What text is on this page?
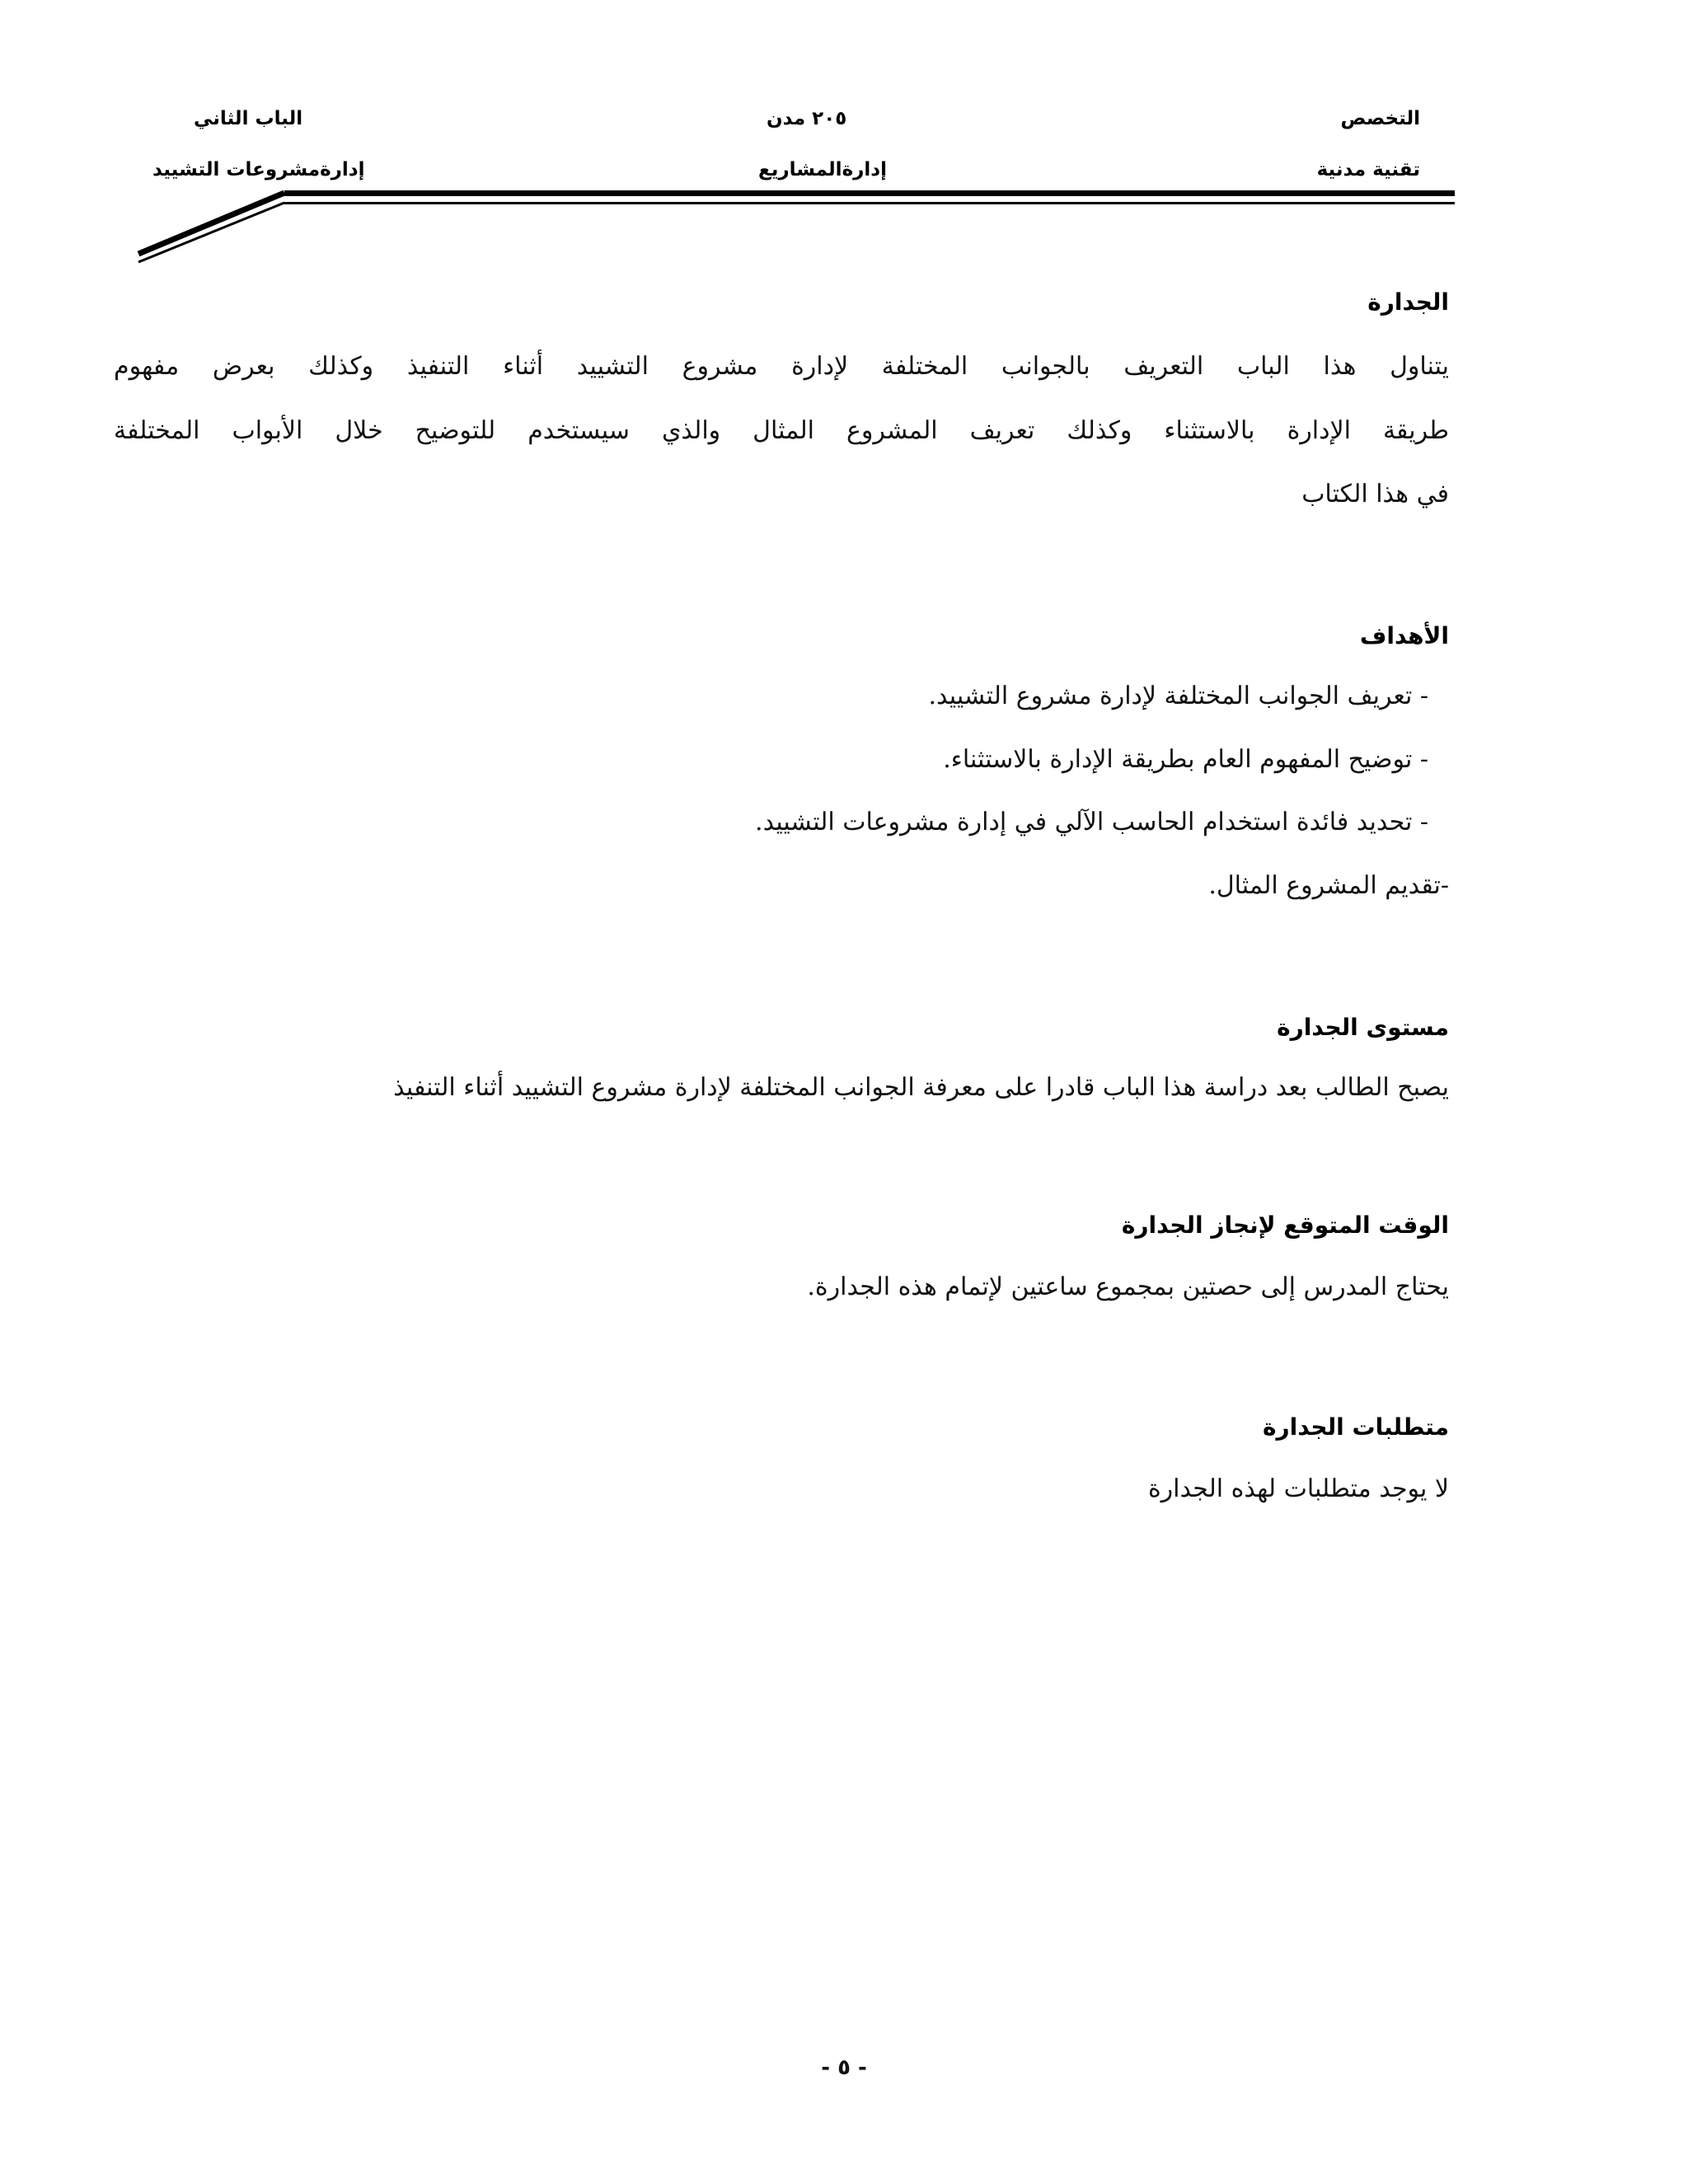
التخصص
تقنية مدنية
٢٠٥ مدن
إدارةالمشاريع
الباب الثاني
إدارةمشروعات التشييد
الجدارة
يتناول هذا الباب التعريف بالجوانب المختلفة لإدارة مشروع التشييد أثناء التنفيذ وكذلك بعرض مفهوم
طريقة الإدارة بالاستثناء وكذلك تعريف المشروع المثال والذي سيستخدم للتوضيح خلال الأبواب المختلفة
في هذا الكتاب
الأهداف
- تعريف الجوانب المختلفة لإدارة مشروع التشييد.
- توضيح المفهوم العام بطريقة الإدارة بالاستثناء.
- تحديد فائدة استخدام الحاسب الآلي في إدارة مشروعات التشييد.
-تقديم المشروع المثال.
مستوى الجدارة
يصبح الطالب بعد دراسة هذا الباب قادرا على معرفة الجوانب المختلفة لإدارة مشروع التشييد أثناء التنفيذ
الوقت المتوقع لإنجاز الجدارة
يحتاج المدرس إلى حصتين بمجموع ساعتين لإتمام هذه الجدارة.
متطلبات الجدارة
لا يوجد متطلبات لهذه الجدارة
- ٥ -
